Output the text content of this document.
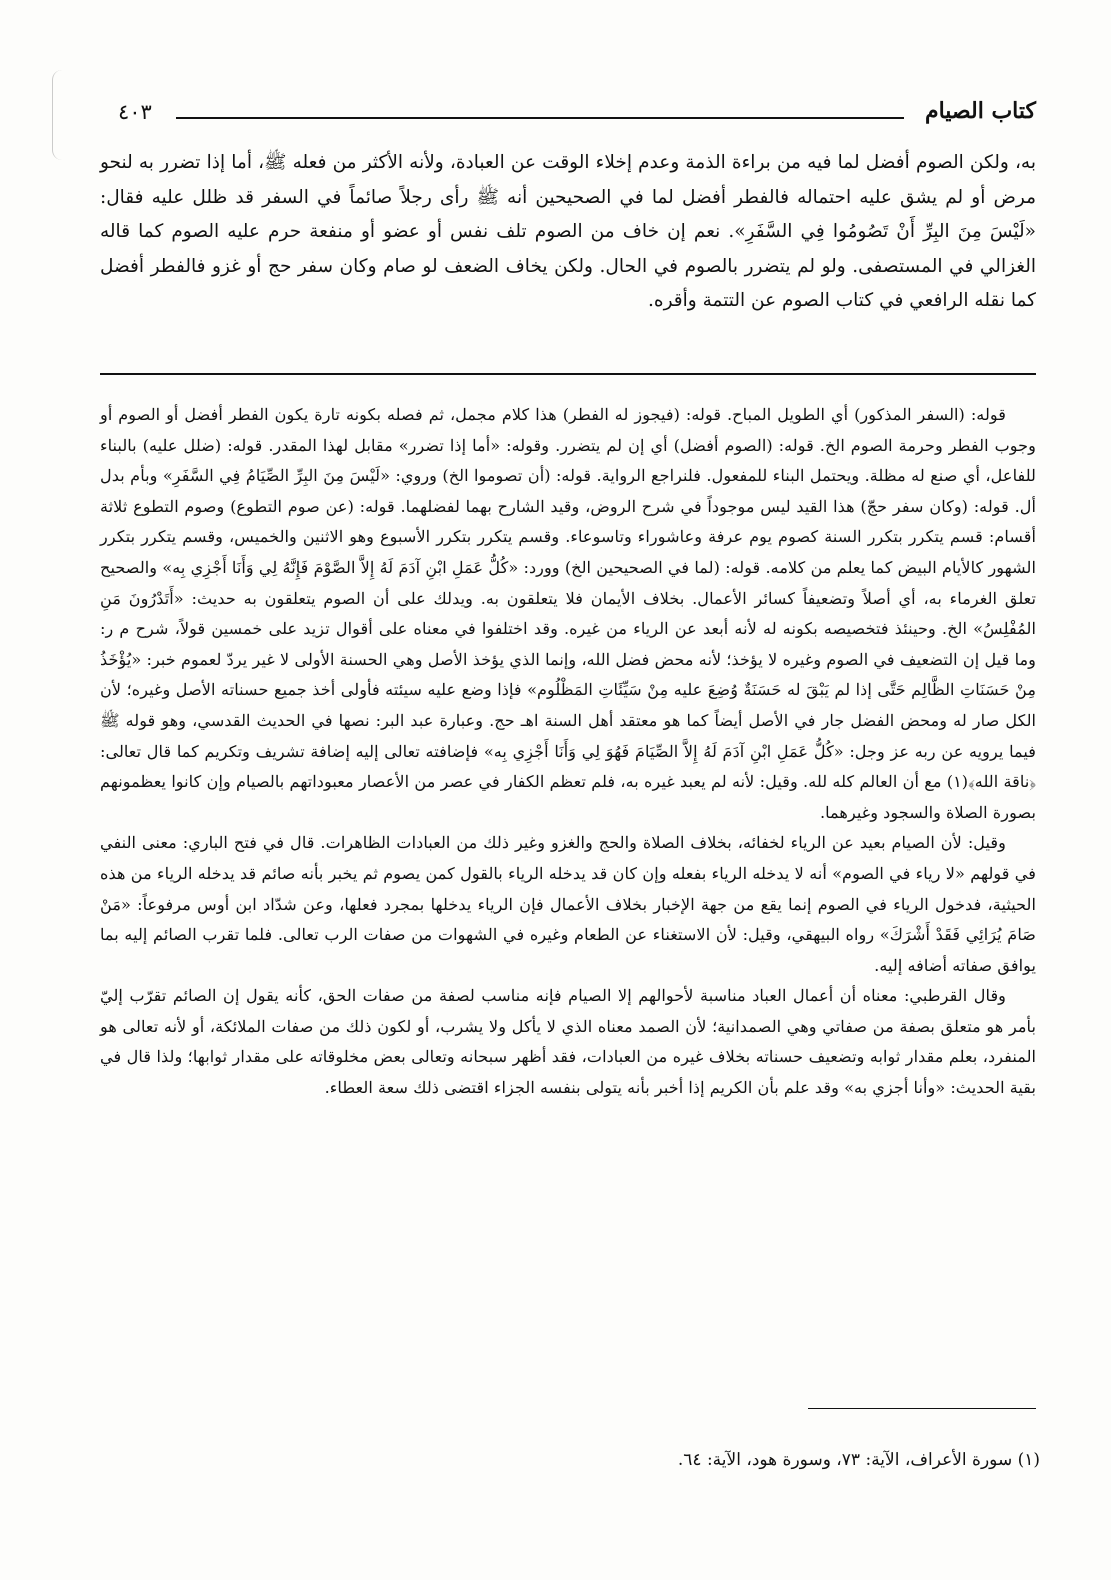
كتاب الصيام
٤٠٣

به، ولكن الصوم أفضل لما فيه من براءة الذمة وعدم إخلاء الوقت عن العبادة، ولأنه الأكثر من فعله ﷺ، أما إذا تضرر به لنحو مرض أو لم يشق عليه احتماله فالفطر أفضل لما في الصحيحين أنه ﷺ رأى رجلاً صائماً في السفر قد ظلل عليه فقال: «لَيْسَ مِنَ البِرِّ أَنْ تَصُومُوا فِي السَّفَرِ». نعم إن خاف من الصوم تلف نفس أو عضو أو منفعة حرم عليه الصوم كما قاله الغزالي في المستصفى. ولو لم يتضرر بالصوم في الحال. ولكن يخاف الضعف لو صام وكان سفر حج أو غزو فالفطر أفضل كما نقله الرافعي في كتاب الصوم عن التتمة وأقره.

قوله: (السفر المذكور) أي الطويل المباح. قوله: (فيجوز له الفطر) هذا كلام مجمل، ثم فصله بكونه تارة يكون الفطر أفضل أو الصوم أو وجوب الفطر وحرمة الصوم الخ. قوله: (الصوم أفضل) أي إن لم يتضرر. وقوله: «أما إذا تضرر» مقابل لهذا المقدر. قوله: (ضلل عليه) بالبناء للفاعل، أي صنع له مظلة. ويحتمل البناء للمفعول. فلنراجع الرواية. قوله: (أن تصوموا الخ) وروي: «لَيْسَ مِنَ البِرِّ الصِّيَامُ فِي السَّفَرِ» وبأم بدل أل. قوله: (وكان سفر حجّ) هذا القيد ليس موجوداً في شرح الروض، وقيد الشارح بهما لفضلهما. قوله: (عن صوم التطوع) وصوم التطوع ثلاثة أقسام: قسم يتكرر بتكرر السنة كصوم يوم عرفة وعاشوراء وتاسوعاء. وقسم يتكرر بتكرر الأسبوع وهو الاثنين والخميس، وقسم يتكرر بتكرر الشهور كالأيام البيض كما يعلم من كلامه. قوله: (لما في الصحيحين الخ) وورد: «كُلُّ عَمَلِ ابْنِ آدَمَ لَهُ إِلاَّ الصَّوْمَ فَإِنَّهُ لِي وَأَنَا أَجْزِي بِه» والصحيح تعلق الغرماء به، أي أصلاً وتضعيفاً كسائر الأعمال. بخلاف الأيمان فلا يتعلقون به. ويدلك على أن الصوم يتعلقون به حديث: «أَتَدْرُونَ مَنِ المُفْلِسُ» الخ. وحينئذ فتخصيصه بكونه له لأنه أبعد عن الرياء من غيره. وقد اختلفوا في معناه على أقوال تزيد على خمسين قولاً، شرح م ر: وما قيل إن التضعيف في الصوم وغيره لا يؤخذ؛ لأنه محض فضل الله، وإنما الذي يؤخذ الأصل وهي الحسنة الأولى لا غير يردّ لعموم خبر: «يُؤْخَذُ مِنْ حَسَنَاتِ الظَّالِم حَتَّى إذا لم يَبْقَ له حَسَنَةٌ وُضِعَ عليه مِنْ سَيِّئَاتِ المَظْلُوم» فإذا وضع عليه سيئته فأولى أخذ جميع حسناته الأصل وغيره؛ لأن الكل صار له ومحض الفضل جار في الأصل أيضاً كما هو معتقد أهل السنة اهـ حج. وعبارة عبد البر: نصها في الحديث القدسي، وهو قوله ﷺ فيما يرويه عن ربه عز وجل: «كُلُّ عَمَلِ ابْنِ آدَمَ لَهُ إِلاَّ الصِّيَامَ فَهُوَ لِي وَأَنَا أَجْزِي بِه» فإضافته تعالى إليه إضافة تشريف وتكريم كما قال تعالى: ﴿ناقة الله﴾(١) مع أن العالم كله لله. وقيل: لأنه لم يعبد غيره به، فلم تعظم الكفار في عصر من الأعصار معبوداتهم بالصيام وإن كانوا يعظمونهم بصورة الصلاة والسجود وغيرهما.

وقيل: لأن الصيام بعيد عن الرياء لخفائه، بخلاف الصلاة والحج والغزو وغير ذلك من العبادات الظاهرات. قال في فتح الباري: معنى النفي في قولهم «لا رياء في الصوم» أنه لا يدخله الرياء بفعله وإن كان قد يدخله الرياء بالقول كمن يصوم ثم يخبر بأنه صائم قد يدخله الرياء من هذه الحيثية، فدخول الرياء في الصوم إنما يقع من جهة الإخبار بخلاف الأعمال فإن الرياء يدخلها بمجرد فعلها، وعن شدّاد ابن أوس مرفوعاً: «مَنْ صَامَ يُرَائِي فَقَدْ أَشْرَكَ» رواه البيهقي، وقيل: لأن الاستغناء عن الطعام وغيره في الشهوات من صفات الرب تعالى. فلما تقرب الصائم إليه بما يوافق صفاته أضافه إليه.

وقال القرطبي: معناه أن أعمال العباد مناسبة لأحوالهم إلا الصيام فإنه مناسب لصفة من صفات الحق، كأنه يقول إن الصائم تقرّب إليّ بأمر هو متعلق بصفة من صفاتي وهي الصمدانية؛ لأن الصمد معناه الذي لا يأكل ولا يشرب، أو لكون ذلك من صفات الملائكة، أو لأنه تعالى هو المنفرد، بعلم مقدار ثوابه وتضعيف حسناته بخلاف غيره من العبادات، فقد أظهر سبحانه وتعالى بعض مخلوقاته على مقدار ثوابها؛ ولذا قال في بقية الحديث: «وأنا أجزي به» وقد علم بأن الكريم إذا أخبر بأنه يتولى بنفسه الجزاء اقتضى ذلك سعة العطاء.

(١) سورة الأعراف، الآية: ٧٣، وسورة هود، الآية: ٦٤.
